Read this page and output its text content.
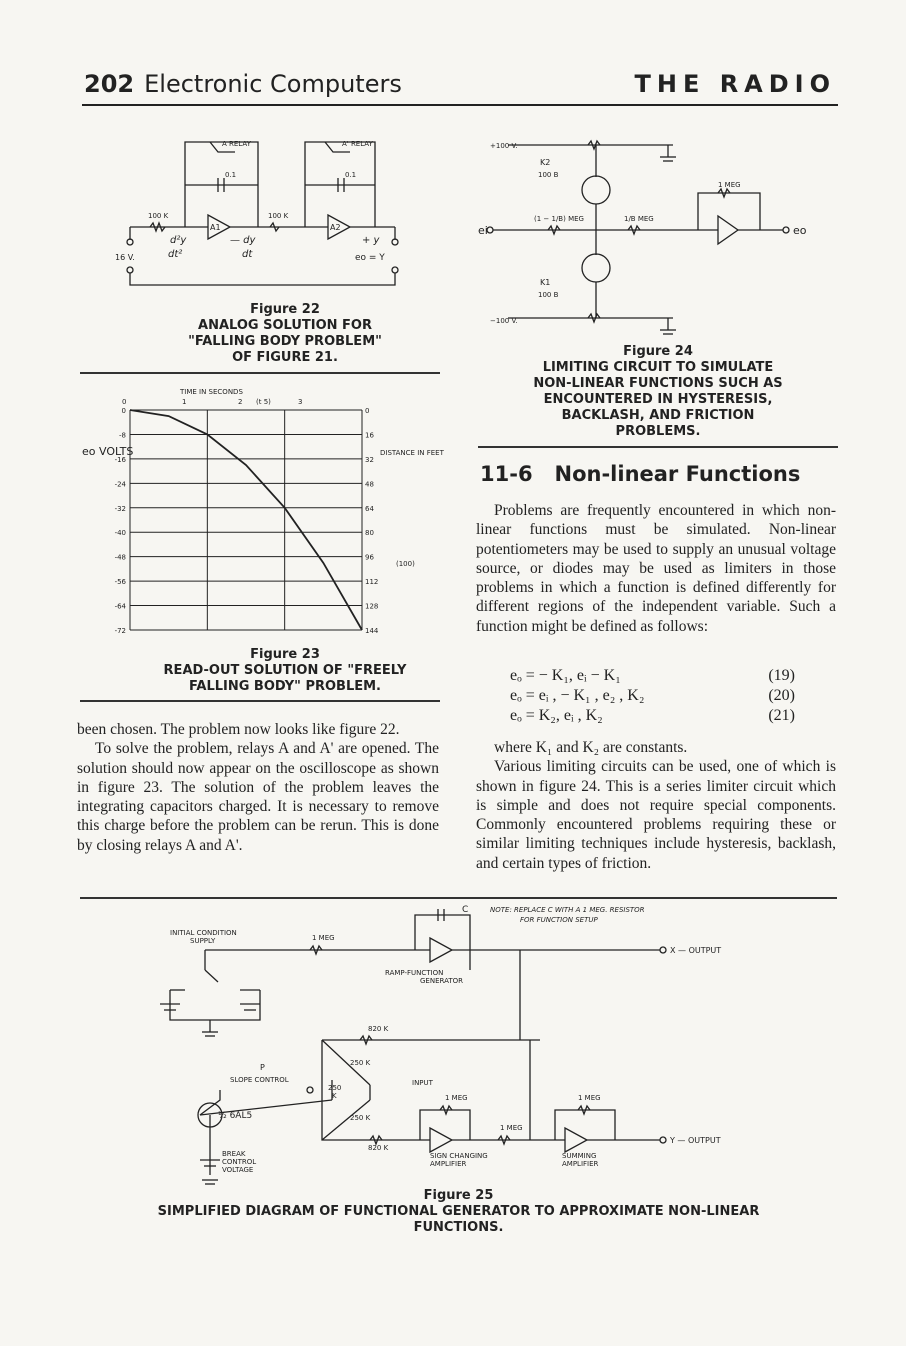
202 Electronic Computers	THE RADIO
A RELAY	A' RELAY
0.1	0.1
100 K	100 K
A1	A2
16 V.
d²y
dt²
— dy
dt
+ y
eo = Y
Figure 22
ANALOG SOLUTION FOR
"FALLING BODY PROBLEM"
OF FIGURE 21.
TIME IN SECONDS
eo VOLTS	DISTANCE IN FEET
(100)
0	0
-8	16
-16	32
-24	48
-32	64
-40	80
-48	96
-56	112
-64	128
-72	144
0	1	2 (t 5)	3
Figure 23
READ-OUT SOLUTION OF "FREELY
FALLING BODY" PROBLEM.

been chosen. The problem now looks like figure 22.

To solve the problem, relays A and A' are opened. The solution should now appear on the oscilloscope as shown in figure 23. The solution of the problem leaves the integrating capacitors charged. It is necessary to remove this charge before the problem can be rerun. This is done by closing relays A and A'.

+100 V.
−100 V.
K2
100 B
K1
100 B
1 MEG
(1 − 1/B) MEG	1/B MEG
ei	eo
Figure 24
LIMITING CIRCUIT TO SIMULATE
NON-LINEAR FUNCTIONS SUCH AS
ENCOUNTERED IN HYSTERESIS,
BACKLASH, AND FRICTION
PROBLEMS.
11-6 Non-linear Functions

Problems are frequently encountered in which non-linear functions must be simulated. Non-linear potentiometers may be used to supply an unusual voltage source, or diodes may be used as limiters in those problems in which a function is defined differently for different regions of the independent variable. Such a function might be defined as follows:

eₒ = − K₁, eᵢ − K₁	(19)
eₒ = eᵢ , − K₁ , e₂ , K₂	(20)
eₒ = K₂, eᵢ , K₂	(21)

where K₁ and K₂ are constants.

Various limiting circuits can be used, one of which is shown in figure 24. This is a series limiter circuit which is simple and does not require special components. Commonly encountered problems requiring these or similar limiting techniques include hysteresis, backlash, and certain types of friction.

INITIAL CONDITION
SUPPLY	1 MEG
C
RAMP-FUNCTION
GENERATOR
X — OUTPUT
820 K
250 K
P
SLOPE CONTROL
250
K
INPUT
250 K
½ 6AL5
BREAK
CONTROL
VOLTAGE
820 K
1 MEG
1 MEG
1 MEG
SIGN CHANGING
AMPLIFIER
SUMMING
AMPLIFIER
Y — OUTPUT
NOTE: REPLACE C WITH A 1 MEG. RESISTOR
FOR FUNCTION SETUP
Figure 25
SIMPLIFIED DIAGRAM OF FUNCTIONAL GENERATOR TO APPROXIMATE NON-LINEAR
FUNCTIONS.
